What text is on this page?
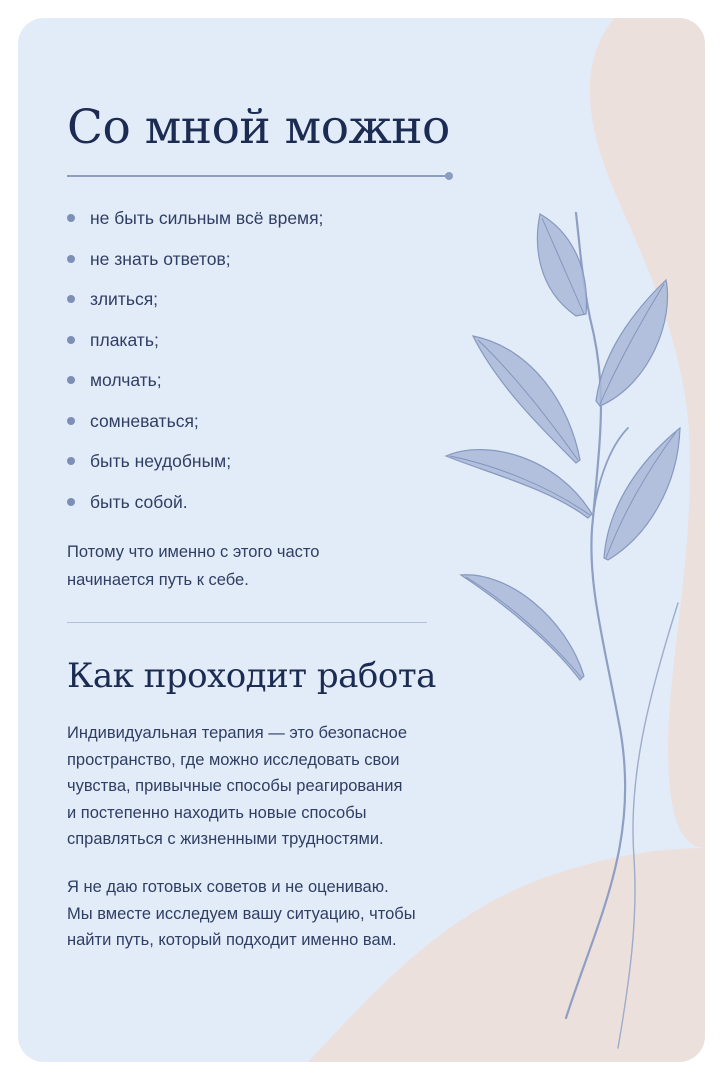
Со мной можно
не быть сильным всё время;
не знать ответов;
злиться;
плакать;
молчать;
сомневаться;
быть неудобным;
быть собой.

Потому что именно с этого часто
начинается путь к себе.

Как проходит работа

Индивидуальная терапия — это безопасное
пространство, где можно исследовать свои
чувства, привычные способы реагирования
и постепенно находить новые способы
справляться с жизненными трудностями.

Я не даю готовых советов и не оцениваю.
Мы вместе исследуем вашу ситуацию, чтобы
найти путь, который подходит именно вам.
